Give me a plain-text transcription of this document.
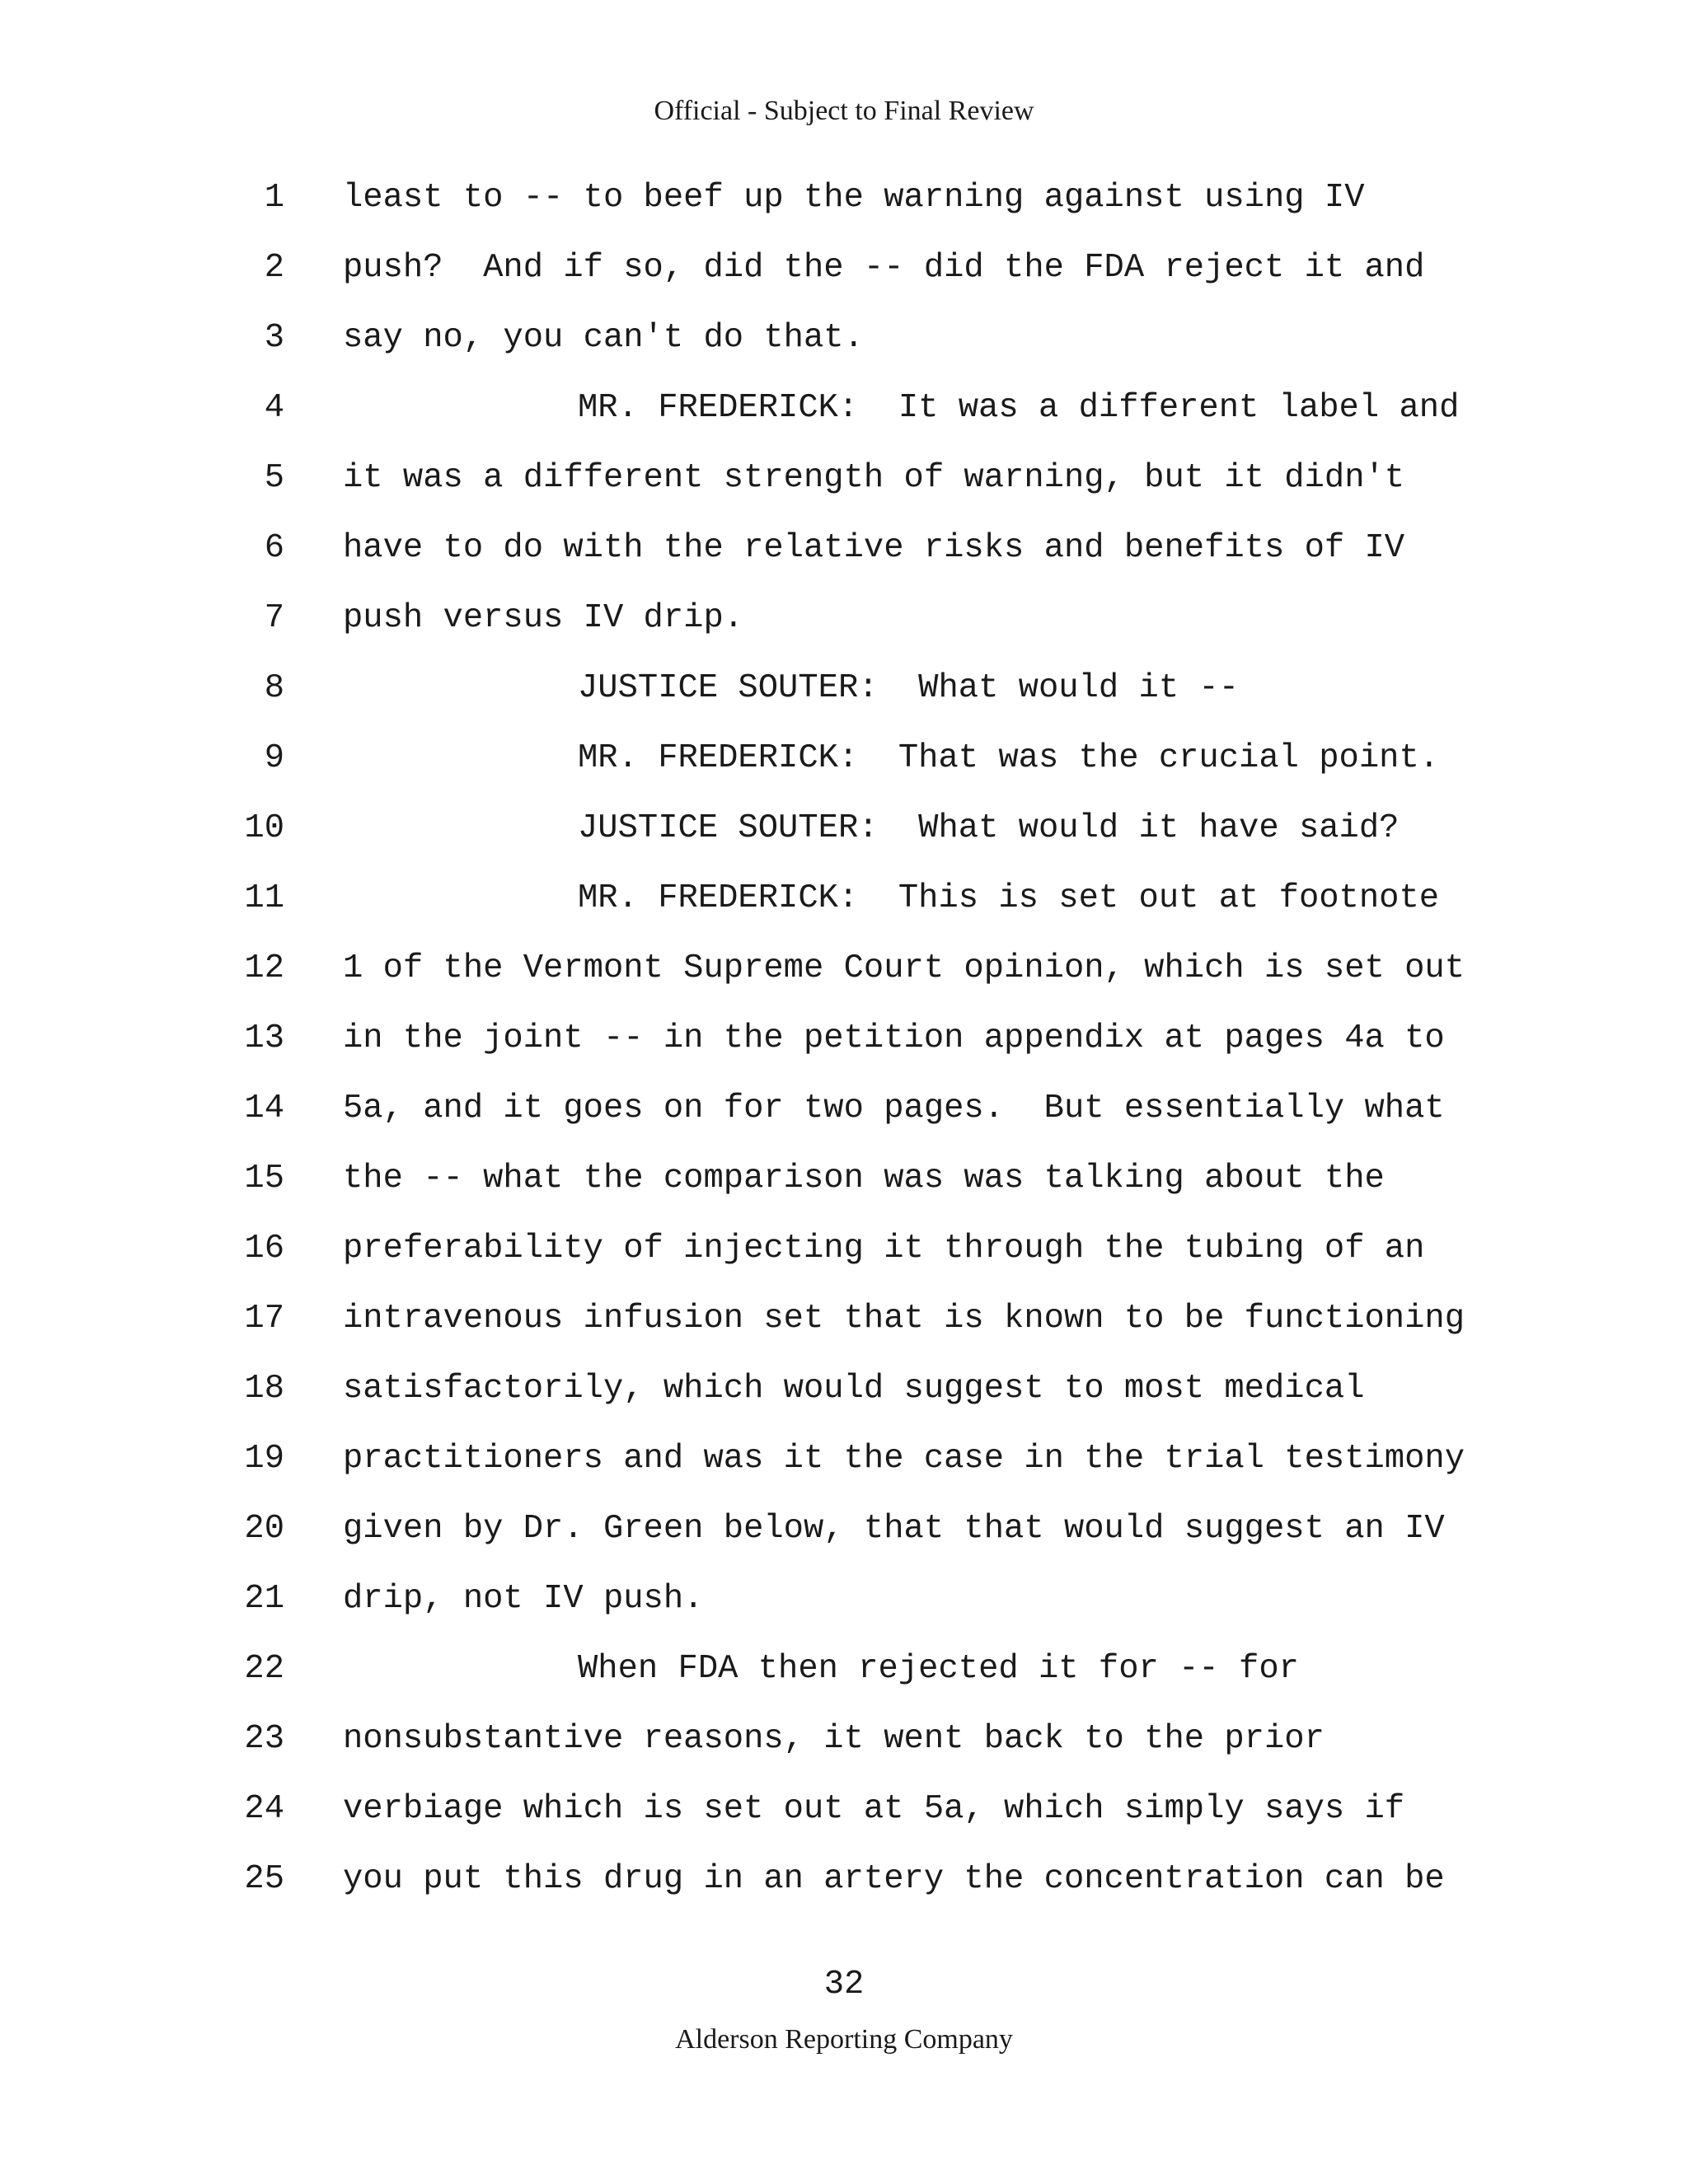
Official - Subject to Final Review
1 least to -- to beef up the warning against using IV
2 push?  And if so, did the -- did the FDA reject it and
3 say no, you can't do that.
4	MR. FREDERICK:  It was a different label and
5 it was a different strength of warning, but it didn't
6 have to do with the relative risks and benefits of IV
7 push versus IV drip.
8	JUSTICE SOUTER:  What would it --
9	MR. FREDERICK:  That was the crucial point.
10	JUSTICE SOUTER:  What would it have said?
11	MR. FREDERICK:  This is set out at footnote
12 1 of the Vermont Supreme Court opinion, which is set out
13 in the joint -- in the petition appendix at pages 4a to
14 5a, and it goes on for two pages.  But essentially what
15 the -- what the comparison was was talking about the
16 preferability of injecting it through the tubing of an
17 intravenous infusion set that is known to be functioning
18 satisfactorily, which would suggest to most medical
19 practitioners and was it the case in the trial testimony
20 given by Dr. Green below, that that would suggest an IV
21 drip, not IV push.
22	When FDA then rejected it for -- for
23 nonsubstantive reasons, it went back to the prior
24 verbiage which is set out at 5a, which simply says if
25 you put this drug in an artery the concentration can be
32
Alderson Reporting Company
